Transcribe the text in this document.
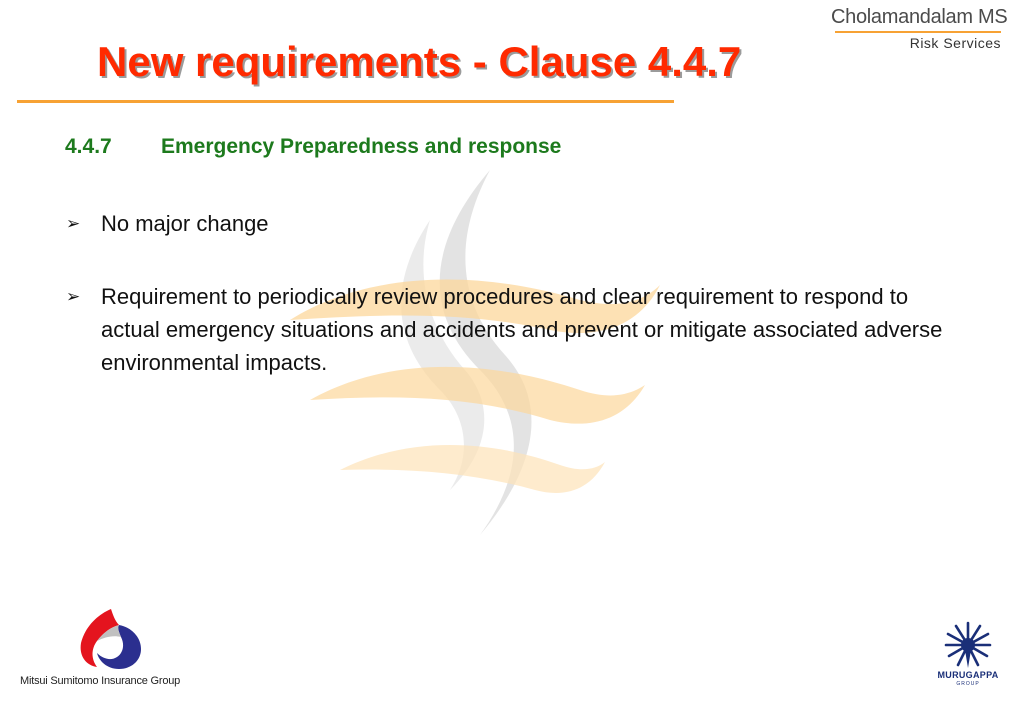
New requirements - Clause 4.4.7
Cholamandalam MS
Risk Services
4.4.7 Emergency Preparedness and response
➢ No major change
➢ Requirement to periodically review procedures and clear requirement to respond to actual emergency situations and accidents and prevent or mitigate associated adverse environmental impacts.
Mitsui Sumitomo Insurance Group	MURUGAPPA
GROUP
